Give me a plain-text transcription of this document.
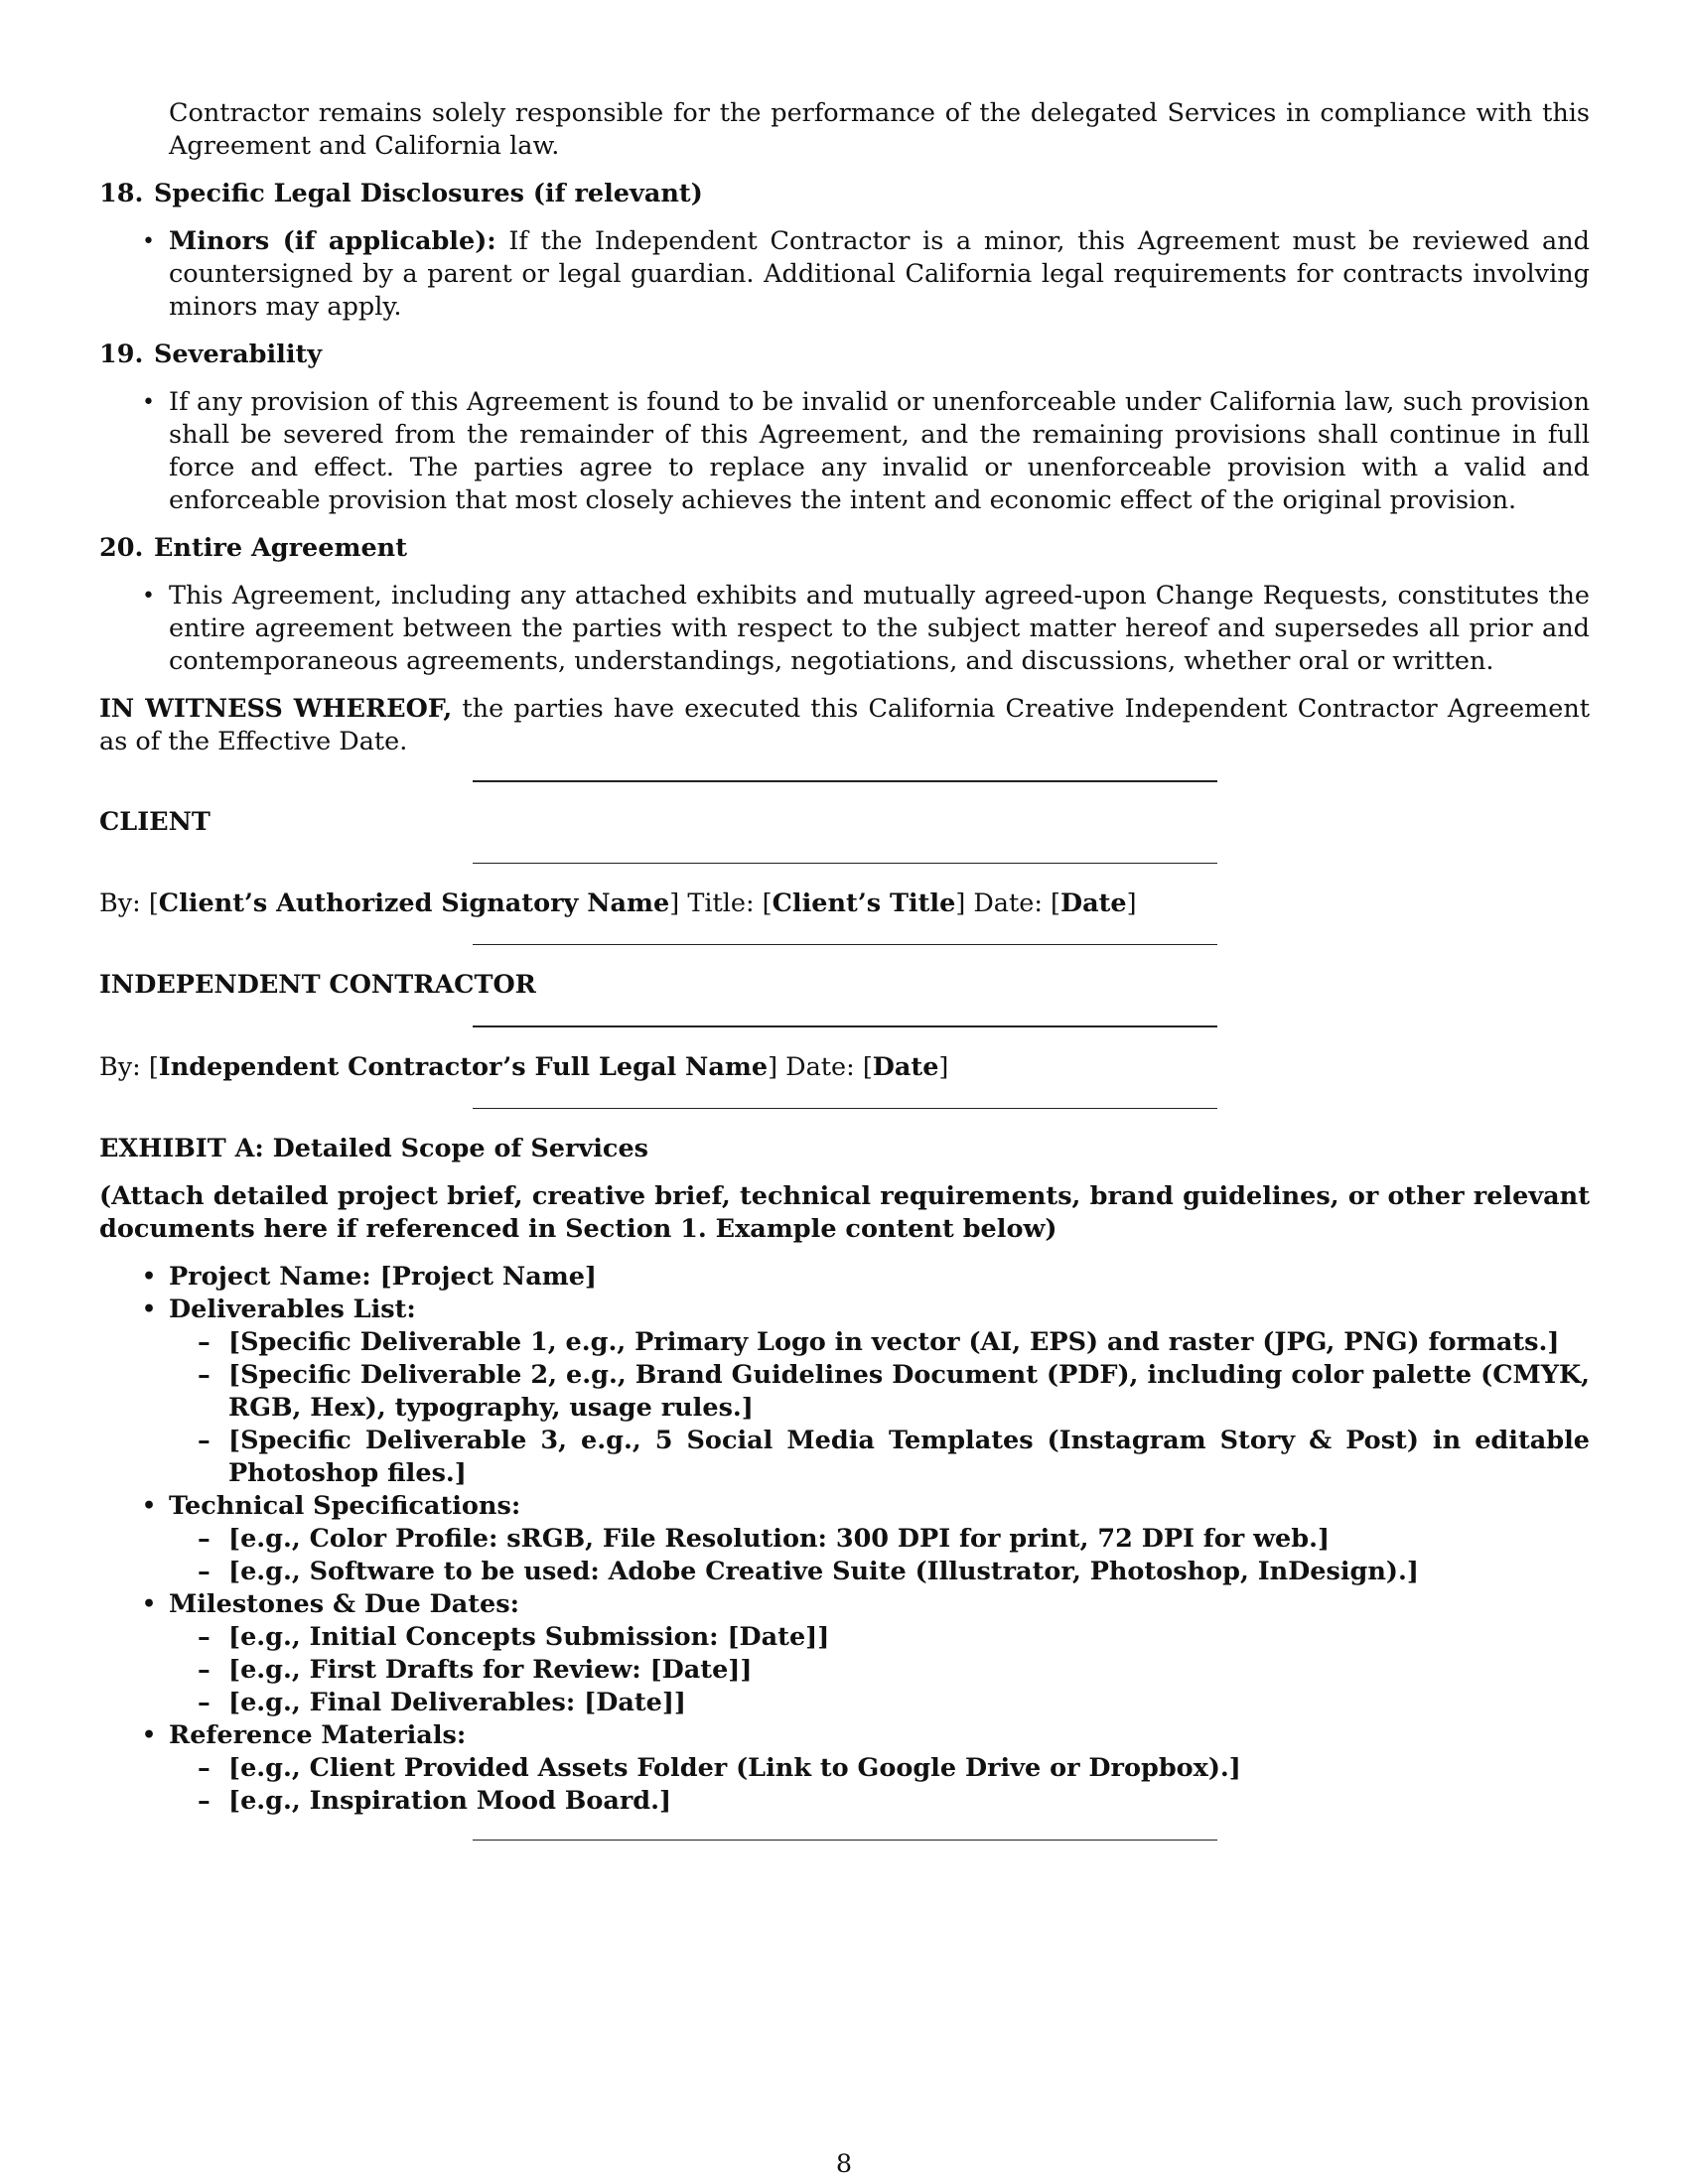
Contractor remains solely responsible for the performance of the delegated Services in compliance with this Agreement and California law.

18. Specific Legal Disclosures (if relevant)

• Minors (if applicable): If the Independent Contractor is a minor, this Agreement must be reviewed and countersigned by a parent or legal guardian. Additional California legal requirements for contracts involving minors may apply.

19. Severability

• If any provision of this Agreement is found to be invalid or unenforceable under California law, such provision shall be severed from the remainder of this Agreement, and the remaining provisions shall continue in full force and effect. The parties agree to replace any invalid or unenforceable provision with a valid and enforceable provision that most closely achieves the intent and economic effect of the original provision.

20. Entire Agreement

• This Agreement, including any attached exhibits and mutually agreed-upon Change Requests, constitutes the entire agreement between the parties with respect to the subject matter hereof and supersedes all prior and contemporaneous agreements, understandings, negotiations, and discussions, whether oral or written.

IN WITNESS WHEREOF, the parties have executed this California Creative Independent Contractor Agreement as of the Effective Date.

CLIENT

By: [Client’s Authorized Signatory Name] Title: [Client’s Title] Date: [Date]

INDEPENDENT CONTRACTOR

By: [Independent Contractor’s Full Legal Name] Date: [Date]

EXHIBIT A: Detailed Scope of Services

(Attach detailed project brief, creative brief, technical requirements, brand guidelines, or other relevant documents here if referenced in Section 1. Example content below)

• Project Name: [Project Name]
• Deliverables List:
– [Specific Deliverable 1, e.g., Primary Logo in vector (AI, EPS) and raster (JPG, PNG) formats.]
– [Specific Deliverable 2, e.g., Brand Guidelines Document (PDF), including color palette (CMYK, RGB, Hex), typography, usage rules.]
– [Specific Deliverable 3, e.g., 5 Social Media Templates (Instagram Story & Post) in editable Photoshop files.]
• Technical Specifications:
– [e.g., Color Profile: sRGB, File Resolution: 300 DPI for print, 72 DPI for web.]
– [e.g., Software to be used: Adobe Creative Suite (Illustrator, Photoshop, InDesign).]
• Milestones & Due Dates:
– [e.g., Initial Concepts Submission: [Date]]
– [e.g., First Drafts for Review: [Date]]
– [e.g., Final Deliverables: [Date]]
• Reference Materials:
– [e.g., Client Provided Assets Folder (Link to Google Drive or Dropbox).]
– [e.g., Inspiration Mood Board.]
8
